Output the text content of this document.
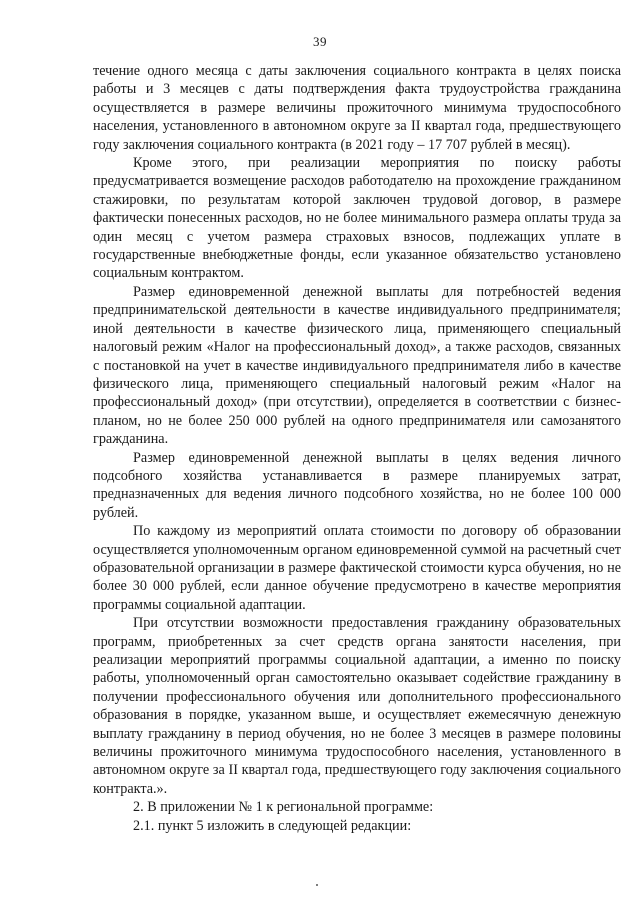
39

течение одного месяца с даты заключения социального контракта в целях поиска работы и 3 месяцев с даты подтверждения факта трудоустройства гражданина осуществляется в размере величины прожиточного минимума трудоспособного населения, установленного в автономном округе за II квартал года, предшествующего году заключения социального контракта (в 2021 году – 17 707 рублей в месяц).

Кроме этого, при реализации мероприятия по поиску работы предусматривается возмещение расходов работодателю на прохождение гражданином стажировки, по результатам которой заключен трудовой договор, в размере фактически понесенных расходов, но не более минимального размера оплаты труда за один месяц с учетом размера страховых взносов, подлежащих уплате в государственные внебюджетные фонды, если указанное обязательство установлено социальным контрактом.

Размер единовременной денежной выплаты для потребностей ведения предпринимательской деятельности в качестве индивидуального предпринимателя; иной деятельности в качестве физического лица, применяющего специальный налоговый режим «Налог на профессиональный доход», а также расходов, связанных с постановкой на учет в качестве индивидуального предпринимателя либо в качестве физического лица, применяющего специальный налоговый режим «Налог на профессиональный доход» (при отсутствии), определяется в соответствии с бизнес-планом, но не более 250 000 рублей на одного предпринимателя или самозанятого гражданина.

Размер единовременной денежной выплаты в целях ведения личного подсобного хозяйства устанавливается в размере планируемых затрат, предназначенных для ведения личного подсобного хозяйства, но не более 100 000 рублей.

По каждому из мероприятий оплата стоимости по договору об образовании осуществляется уполномоченным органом единовременной суммой на расчетный счет образовательной организации в размере фактической стоимости курса обучения, но не более 30 000 рублей, если данное обучение предусмотрено в качестве мероприятия программы социальной адаптации.

При отсутствии возможности предоставления гражданину образовательных программ, приобретенных за счет средств органа занятости населения, при реализации мероприятий программы социальной адаптации, а именно по поиску работы, уполномоченный орган самостоятельно оказывает содействие гражданину в получении профессионального обучения или дополнительного профессионального образования в порядке, указанном выше, и осуществляет ежемесячную денежную выплату гражданину в период обучения, но не более 3 месяцев в размере половины величины прожиточного минимума трудоспособного населения, установленного в автономном округе за II квартал года, предшествующего году заключения социального контракта.».

2. В приложении № 1 к региональной программе:

2.1. пункт 5 изложить в следующей редакции:
